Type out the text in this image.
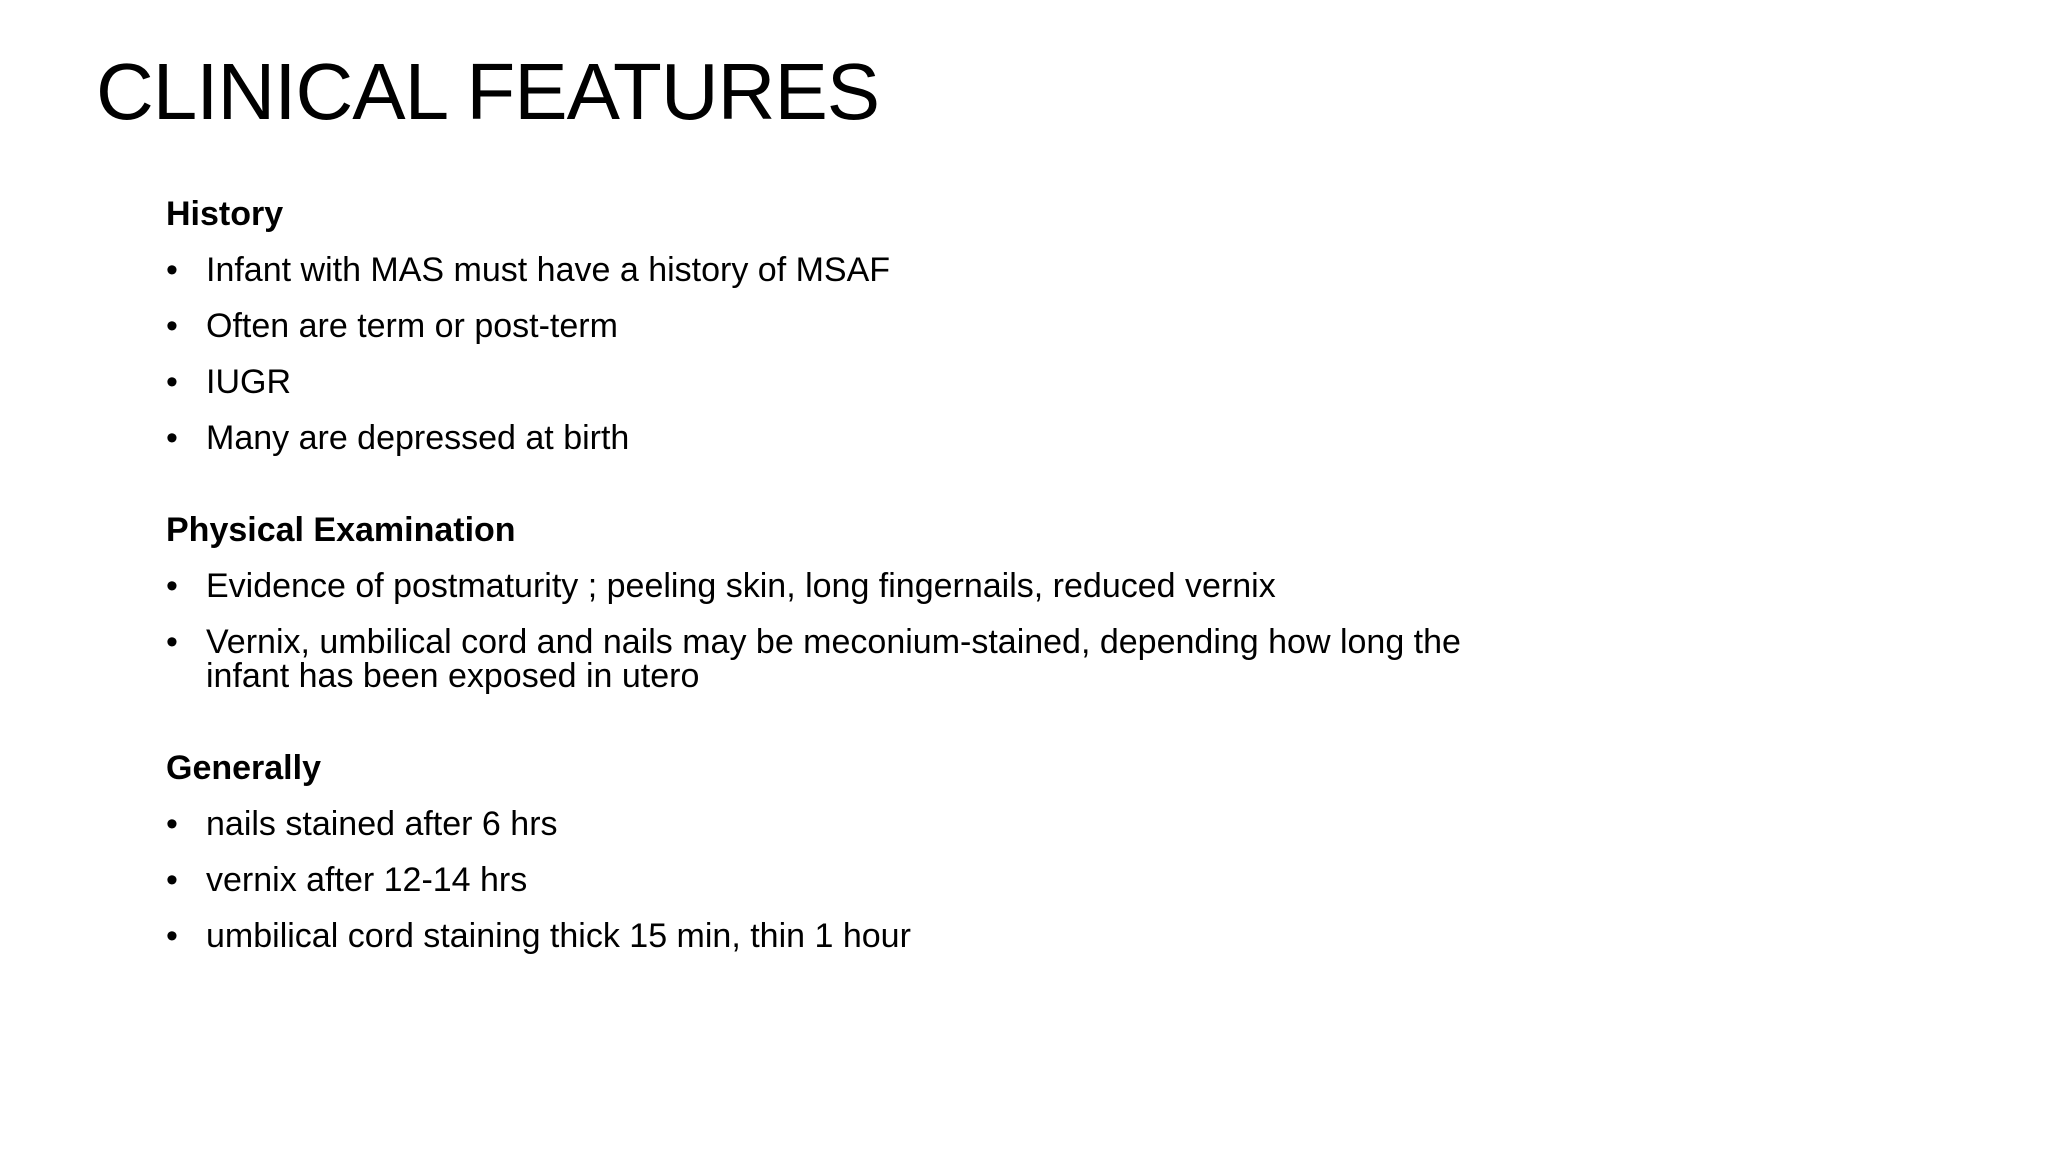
CLINICAL FEATURES
History
• Infant with MAS must have a history of MSAF
• Often are term or post-term
• IUGR
• Many are depressed at birth
Physical Examination
• Evidence of postmaturity ; peeling skin, long fingernails, reduced vernix
• Vernix, umbilical cord and nails may be meconium-stained, depending how long the infant has been exposed in utero
Generally
• nails stained after 6 hrs
• vernix after 12-14 hrs
• umbilical cord staining thick 15 min, thin 1 hour
